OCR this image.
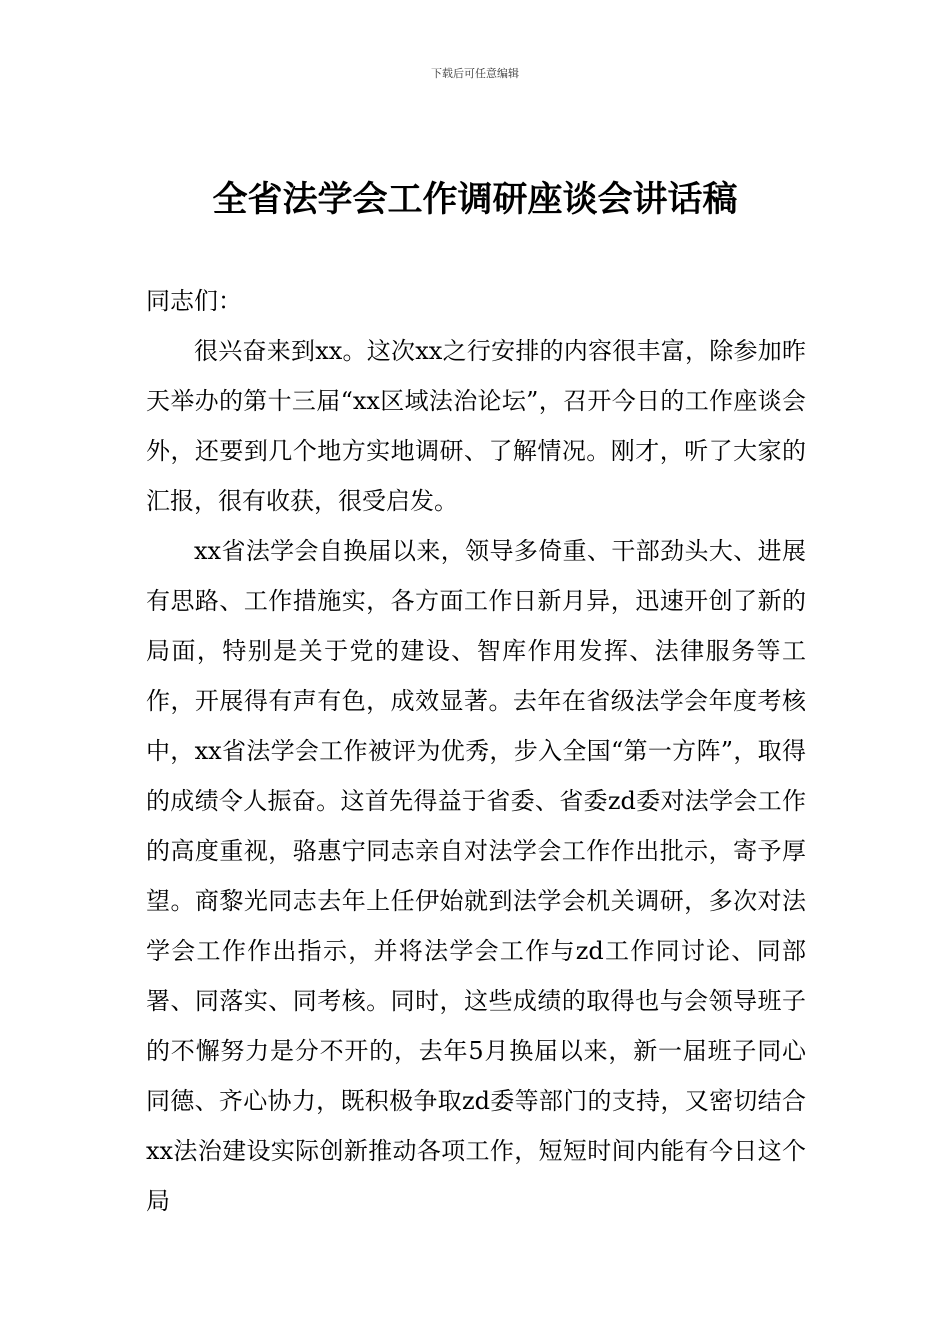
下载后可任意编辑
全省法学会工作调研座谈会讲话稿

同志们：

很兴奋来到xx。这次xx之行安排的内容很丰富，除参加昨天举办的第十三届“xx区域法治论坛”，召开今日的工作座谈会外，还要到几个地方实地调研、了解情况。刚才，听了大家的汇报，很有收获，很受启发。

xx省法学会自换届以来，领导多倚重、干部劲头大、进展有思路、工作措施实，各方面工作日新月异，迅速开创了新的局面，特别是关于党的建设、智库作用发挥、法律服务等工作，开展得有声有色，成效显著。去年在省级法学会年度考核中，xx省法学会工作被评为优秀，步入全国“第一方阵”，取得的成绩令人振奋。这首先得益于省委、省委zd委对法学会工作的高度重视，骆惠宁同志亲自对法学会工作作出批示，寄予厚望。商黎光同志去年上任伊始就到法学会机关调研，多次对法学会工作作出指示，并将法学会工作与zd工作同讨论、同部署、同落实、同考核。同时，这些成绩的取得也与会领导班子的不懈努力是分不开的，去年5月换届以来，新一届班子同心同德、齐心协力，既积极争取zd委等部门的支持，又密切结合xx法治建设实际创新推动各项工作，短短时间内能有今日这个局
